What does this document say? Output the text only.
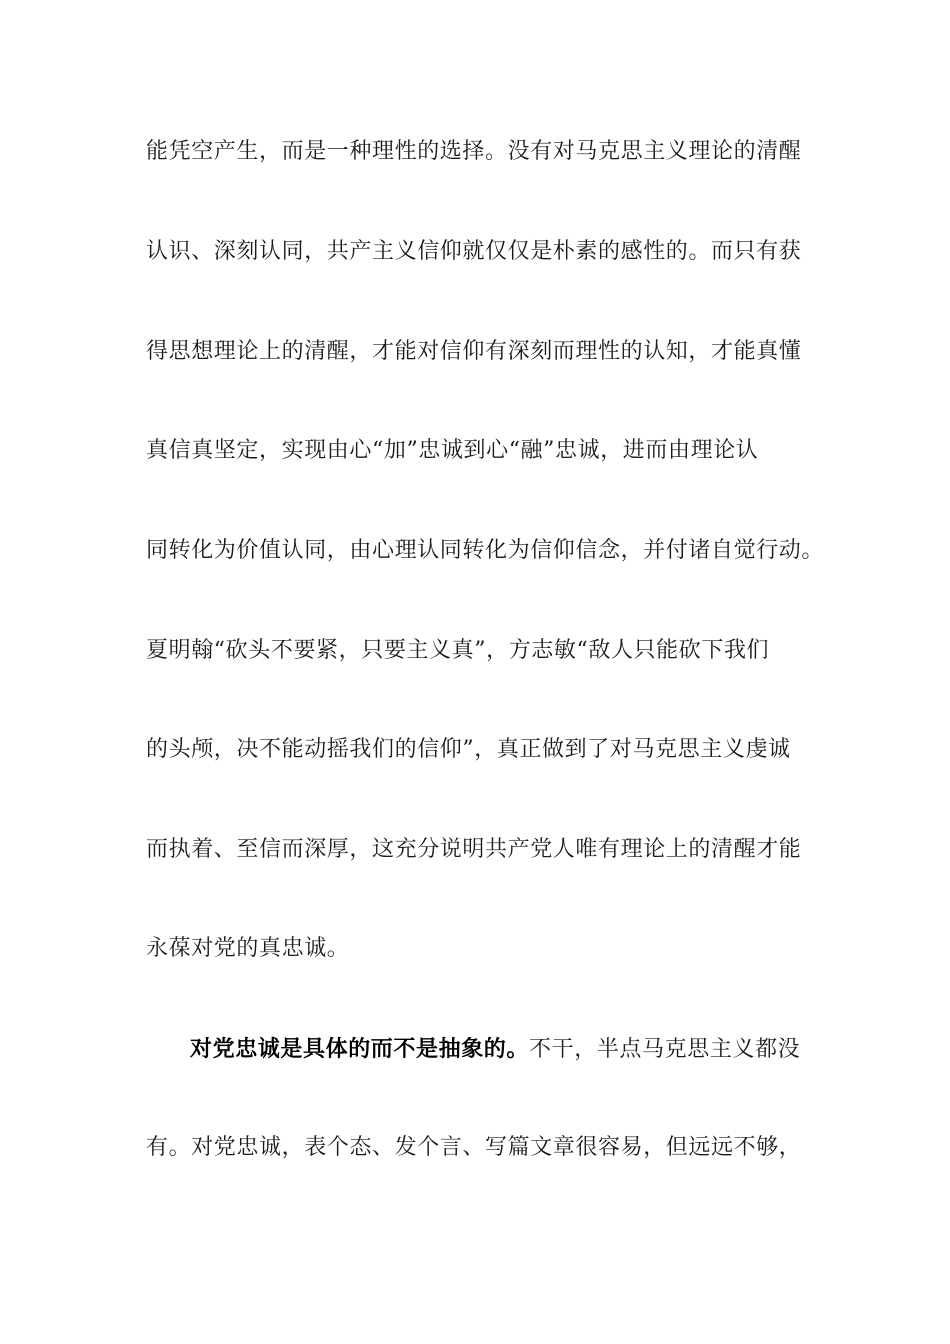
能凭空产生，而是一种理性的选择。没有对马克思主义理论的清醒
认识、深刻认同，共产主义信仰就仅仅是朴素的感性的。而只有获
得思想理论上的清醒，才能对信仰有深刻而理性的认知，才能真懂
真信真坚定，实现由心“加”忠诚到心“融”忠诚，进而由理论认
同转化为价值认同，由心理认同转化为信仰信念，并付诸自觉行动。
夏明翰“砍头不要紧，只要主义真”，方志敏“敌人只能砍下我们
的头颅，决不能动摇我们的信仰”，真正做到了对马克思主义虔诚
而执着、至信而深厚，这充分说明共产党人唯有理论上的清醒才能
永葆对党的真忠诚。
对党忠诚是具体的而不是抽象的。不干，半点马克思主义都没
有。对党忠诚，表个态、发个言、写篇文章很容易，但远远不够，
